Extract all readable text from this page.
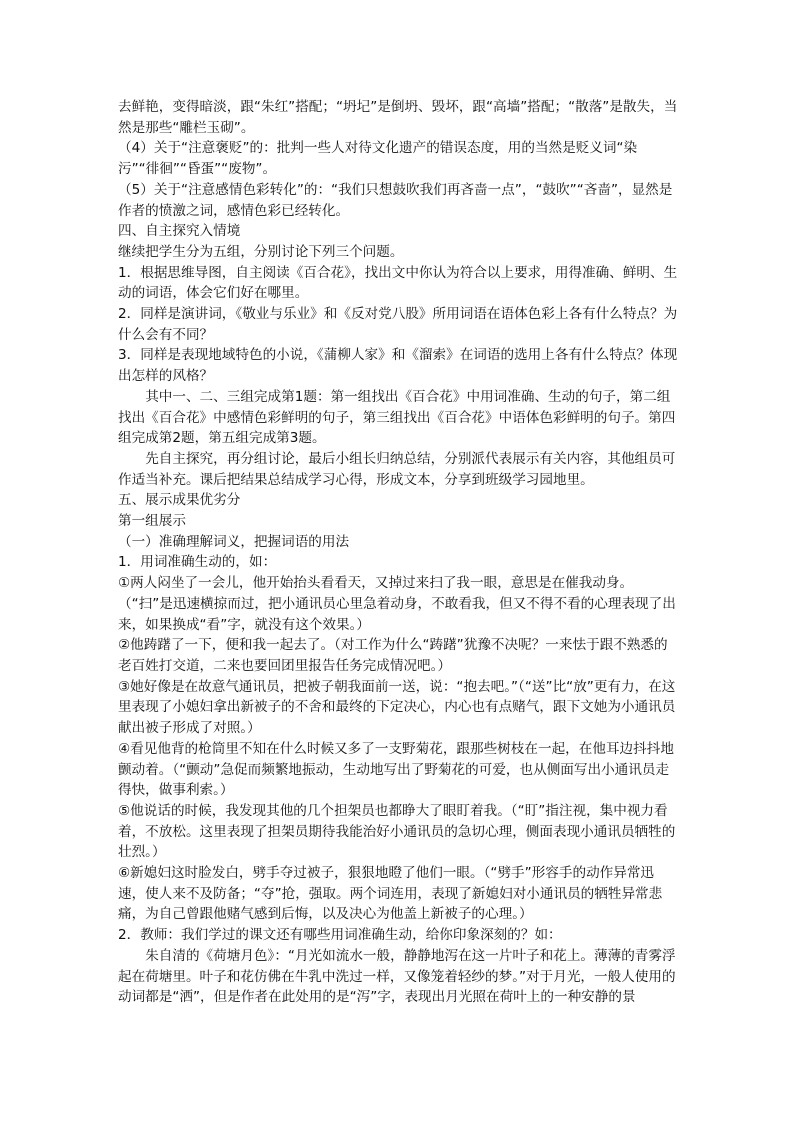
去鲜艳，变得暗淡，跟“朱红”搭配；“坍圮”是倒坍、毁坏，跟“高墙”搭配；“散落”是散失，当然是那些“雕栏玉砌”。

（4）关于“注意褒贬”的：批判一些人对待文化遗产的错误态度，用的当然是贬义词“染污”“徘徊”“昏蛋”“废物”。

（5）关于“注意感情色彩转化”的：“我们只想鼓吹我们再吝啬一点”，“鼓吹”“吝啬”，显然是作者的愤激之词，感情色彩已经转化。

四、自主探究入情境

继续把学生分为五组，分别讨论下列三个问题。

1．根据思维导图，自主阅读《百合花》，找出文中你认为符合以上要求，用得准确、鲜明、生动的词语，体会它们好在哪里。

2．同样是演讲词，《敬业与乐业》和《反对党八股》所用词语在语体色彩上各有什么特点？为什么会有不同？

3．同样是表现地域特色的小说，《蒲柳人家》和《溜索》在词语的选用上各有什么特点？体现出怎样的风格？

其中一、二、三组完成第1题：第一组找出《百合花》中用词准确、生动的句子，第二组找出《百合花》中感情色彩鲜明的句子，第三组找出《百合花》中语体色彩鲜明的句子。第四组完成第2题，第五组完成第3题。

先自主探究，再分组讨论，最后小组长归纳总结，分别派代表展示有关内容，其他组员可作适当补充。课后把结果总结成学习心得，形成文本，分享到班级学习园地里。

五、展示成果优劣分

第一组展示

（一）准确理解词义，把握词语的用法

1．用词准确生动的，如：

①两人闷坐了一会儿，他开始抬头看看天，又掉过来扫了我一眼，意思是在催我动身。（“扫”是迅速横掠而过，把小通讯员心里急着动身，不敢看我，但又不得不看的心理表现了出来，如果换成“看”字，就没有这个效果。）

②他踌躇了一下，便和我一起去了。（对工作为什么“踌躇”犹豫不决呢？一来怯于跟不熟悉的老百姓打交道，二来也要回团里报告任务完成情况吧。）

③她好像是在故意气通讯员，把被子朝我面前一送，说：“抱去吧。”（“送”比“放”更有力，在这里表现了小媳妇拿出新被子的不舍和最终的下定决心，内心也有点赌气，跟下文她为小通讯员献出被子形成了对照。）

④看见他背的枪筒里不知在什么时候又多了一支野菊花，跟那些树枝在一起，在他耳边抖抖地颤动着。（“颤动”急促而频繁地振动，生动地写出了野菊花的可爱，也从侧面写出小通讯员走得快，做事利索。）

⑤他说话的时候，我发现其他的几个担架员也都睁大了眼盯着我。（“盯”指注视，集中视力看着，不放松。这里表现了担架员期待我能治好小通讯员的急切心理，侧面表现小通讯员牺牲的壮烈。）

⑥新媳妇这时脸发白，劈手夺过被子，狠狠地瞪了他们一眼。（“劈手”形容手的动作异常迅速，使人来不及防备；“夺”抢，强取。两个词连用，表现了新媳妇对小通讯员的牺牲异常悲痛，为自己曾跟他赌气感到后悔，以及决心为他盖上新被子的心理。）

2．教师：我们学过的课文还有哪些用词准确生动，给你印象深刻的？如：

朱自清的《荷塘月色》：“月光如流水一般，静静地泻在这一片叶子和花上。薄薄的青雾浮起在荷塘里。叶子和花仿佛在牛乳中洗过一样，又像笼着轻纱的梦。”对于月光，一般人使用的动词都是“洒”，但是作者在此处用的是“泻”字，表现出月光照在荷叶上的一种安静的景
